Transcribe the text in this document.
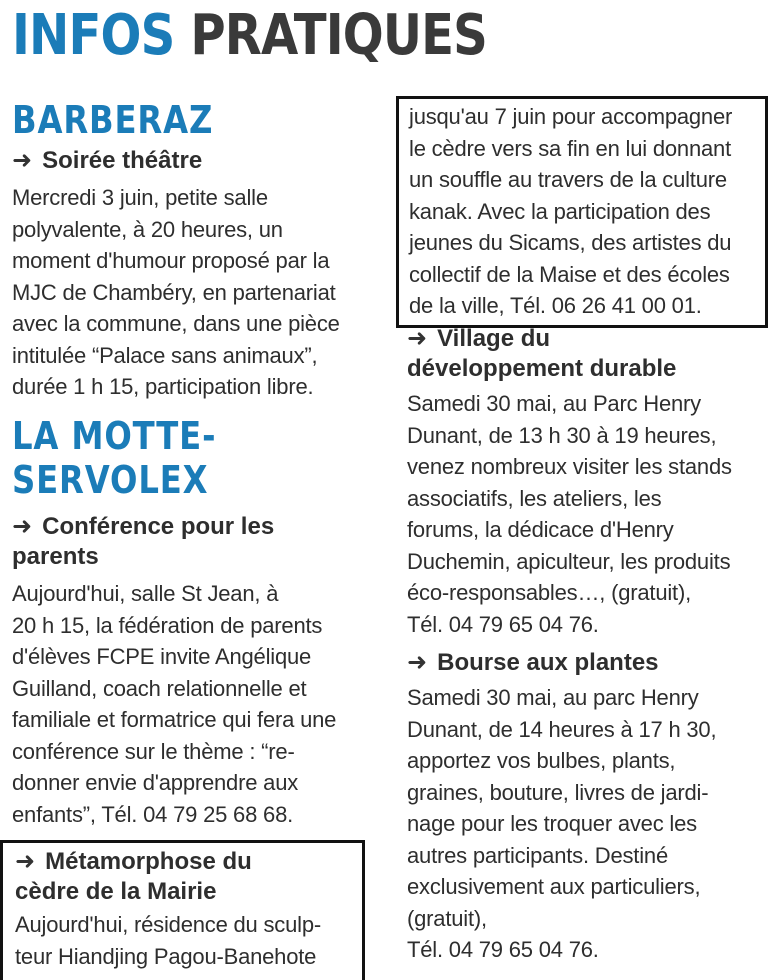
INFOS PRATIQUES
BARBERAZ
➜ Soirée théâtre
Mercredi 3 juin, petite salle
polyvalente, à 20 heures, un
moment d'humour proposé par la
MJC de Chambéry, en partenariat
avec la commune, dans une pièce
intitulée “Palace sans animaux”,
durée 1 h 15, participation libre.
LA MOTTE-
SERVOLEX
➜ Conférence pour les
parents
Aujourd'hui, salle St Jean, à
20 h 15, la fédération de parents
d'élèves FCPE invite Angélique
Guilland, coach relationnelle et
familiale et formatrice qui fera une
conférence sur le thème : “re-
donner envie d'apprendre aux
enfants”, Tél. 04 79 25 68 68.
➜ Métamorphose du
cèdre de la Mairie
Aujourd'hui, résidence du sculp-
teur Hiandjing Pagou-Banehote
jusqu'au 7 juin pour accompagner
le cèdre vers sa fin en lui donnant
un souffle au travers de la culture
kanak. Avec la participation des
jeunes du Sicams, des artistes du
collectif de la Maise et des écoles
de la ville, Tél. 06 26 41 00 01.
➜ Village du
développement durable
Samedi 30 mai, au Parc Henry
Dunant, de 13 h 30 à 19 heures,
venez nombreux visiter les stands
associatifs, les ateliers, les
forums, la dédicace d'Henry
Duchemin, apiculteur, les produits
éco-responsables…, (gratuit),
Tél. 04 79 65 04 76.
➜ Bourse aux plantes
Samedi 30 mai, au parc Henry
Dunant, de 14 heures à 17 h 30,
apportez vos bulbes, plants,
graines, bouture, livres de jardi-
nage pour les troquer avec les
autres participants. Destiné
exclusivement aux particuliers,
(gratuit),
Tél. 04 79 65 04 76.
